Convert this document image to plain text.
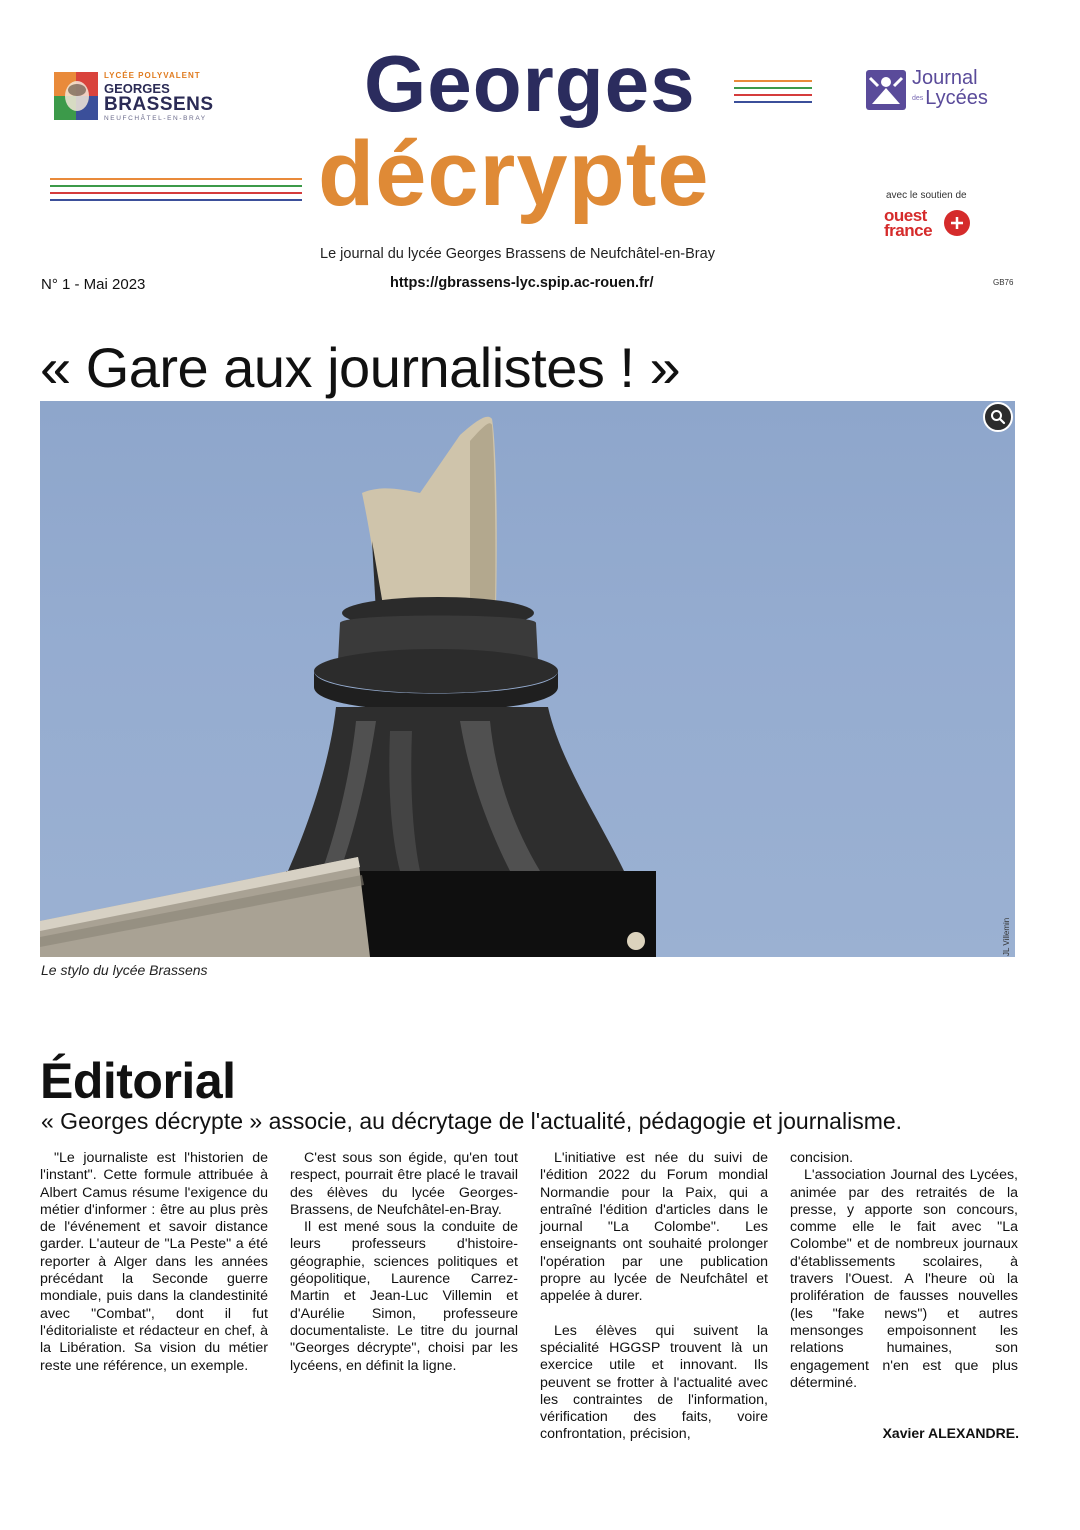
LYCÉE POLYVALENT
GEORGES
BRASSENS
NEUFCHÂTEL-EN-BRAY Georges
décrypte
Le journal du lycée Georges Brassens de Neufchâtel-en-Bray
Journal
des Lycées
avec le soutien de
ouest
france
N° 1 - Mai 2023	https://gbrassens-lyc.spip.ac-rouen.fr/	GB76
« Gare aux journalistes ! »
JL Villemin
Le stylo du lycée Brassens
Éditorial
« Georges décrypte » associe, au décrytage de l'actualité, pédagogie et journalisme.

"Le journaliste est l'historien de l'instant". Cette formule attribuée à Albert Camus résume l'exigence du métier d'informer : être au plus près de l'événement et savoir distance garder. L'auteur de "La Peste" a été reporter à Alger dans les années précédant la Seconde guerre mondiale, puis dans la clandestinité avec "Combat", dont il fut l'éditorialiste et rédacteur en chef, à la Libération. Sa vision du métier reste une référence, un exemple.

C'est sous son égide, qu'en tout respect, pourrait être placé le travail des élèves du lycée Georges-Brassens, de Neufchâtel-en-Bray.

Il est mené sous la conduite de leurs professeurs d'histoire-géographie, sciences politiques et géopolitique, Laurence Carrez-Martin et Jean-Luc Villemin et d'Aurélie Simon, professeure documentaliste. Le titre du journal "Georges décrypte", choisi par les lycéens, en définit la ligne.

L'initiative est née du suivi de l'édition 2022 du Forum mondial Normandie pour la Paix, qui a entraîné l'édition d'articles dans le journal "La Colombe". Les enseignants ont souhaité prolonger l'opération par une publication propre au lycée de Neufchâtel et appelée à durer.

Les élèves qui suivent la spécialité HGGSP trouvent là un exercice utile et innovant. Ils peuvent se frotter à l'actualité avec les contraintes de l'information, vérification des faits, voire confrontation, précision,

concision.

L'association Journal des Lycées, animée par des retraités de la presse, y apporte son concours, comme elle le fait avec "La Colombe" et de nombreux journaux d'établissements scolaires, à travers l'Ouest. A l'heure où la prolifération de fausses nouvelles (les "fake news") et autres mensonges empoisonnent les relations humaines, son engagement n'en est que plus déterminé.

Xavier ALEXANDRE.
